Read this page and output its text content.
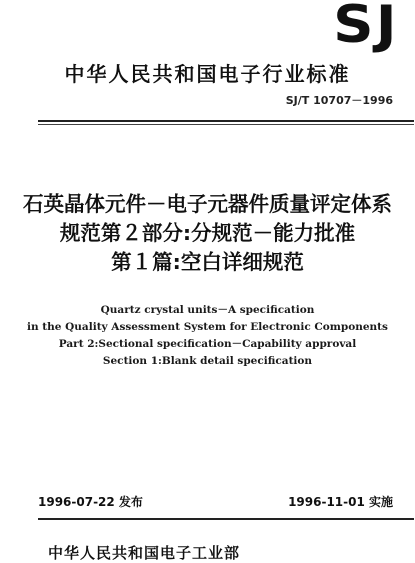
SJ
中华人民共和国电子行业标准
SJ/T 10707－1996
石英晶体元件－电子元器件质量评定体系
规范第２部分:分规范－能力批准
第１篇:空白详细规范
Quartz crystal units－A specification
in the Quality Assessment System for Electronic Components
Part 2:Sectional specification－Capability approval
Section 1:Blank detail specification
1996-07-22 发布	1996-11-01 实施
中华人民共和国电子工业部
